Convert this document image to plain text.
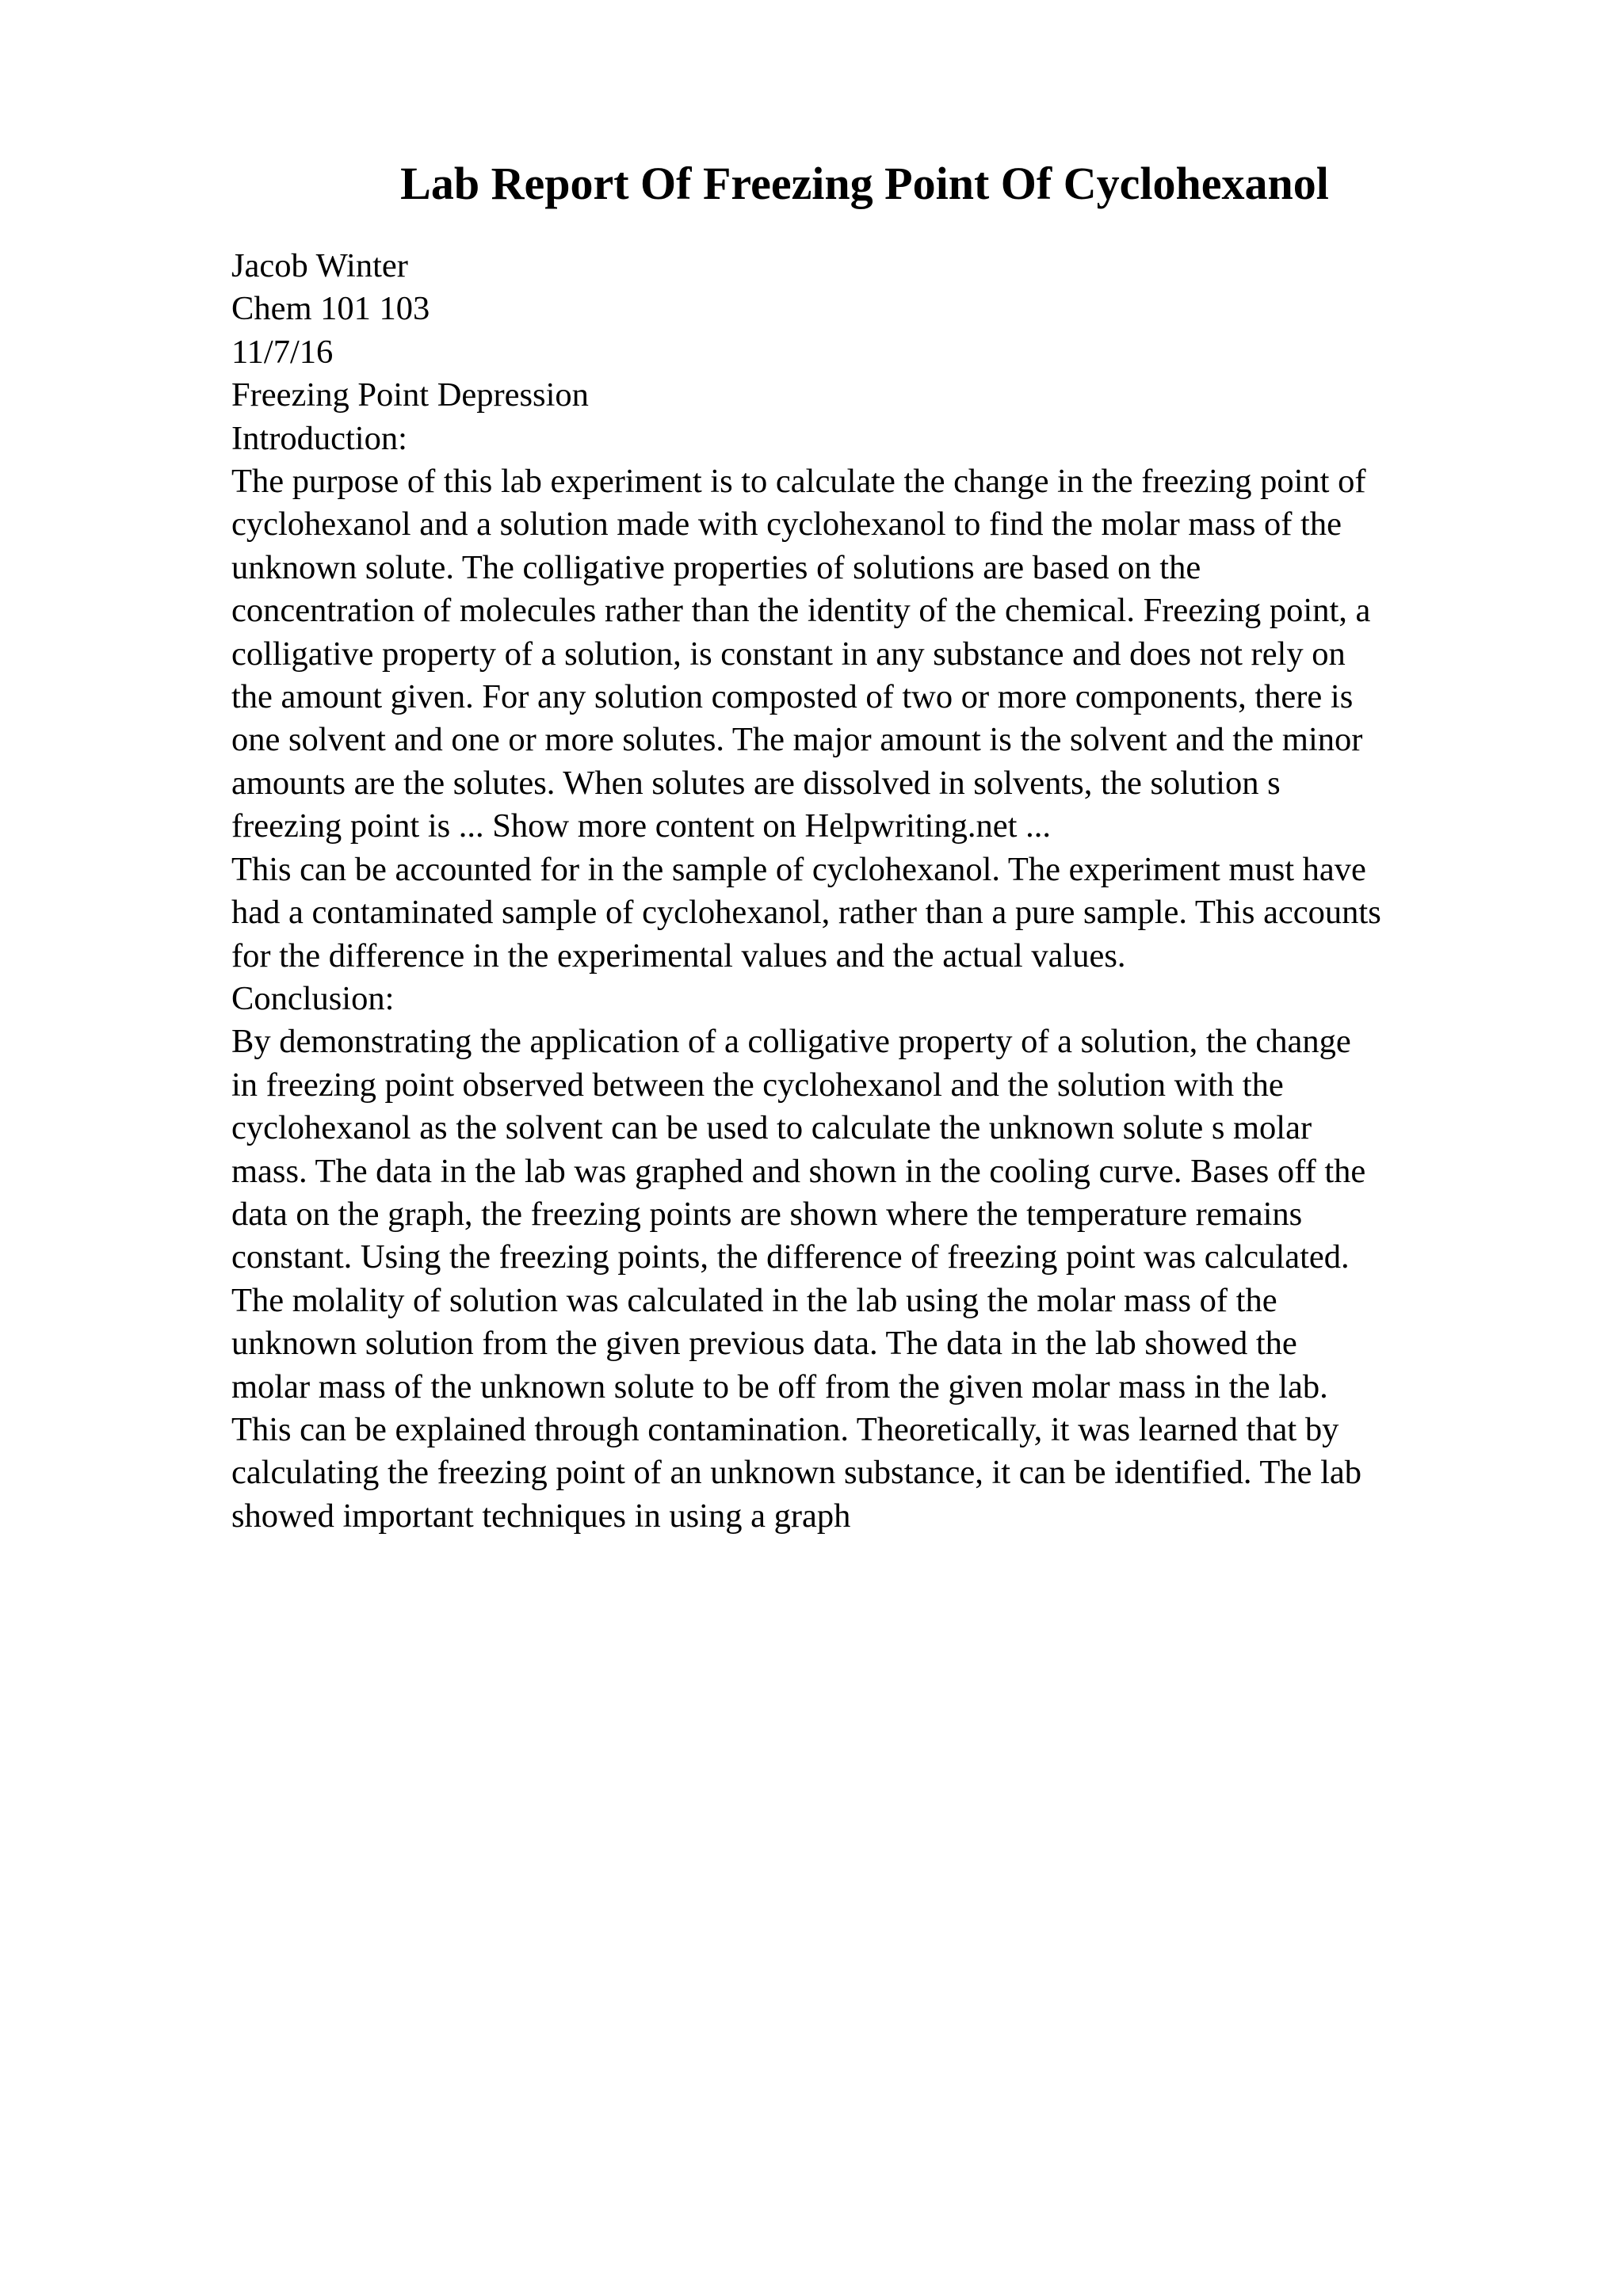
Lab Report Of Freezing Point Of Cyclohexanol
Jacob Winter
Chem 101 103
11/7/16
Freezing Point Depression
Introduction:
The purpose of this lab experiment is to calculate the change in the freezing point of
cyclohexanol and a solution made with cyclohexanol to find the molar mass of the
unknown solute. The colligative properties of solutions are based on the
concentration of molecules rather than the identity of the chemical. Freezing point, a
colligative property of a solution, is constant in any substance and does not rely on
the amount given. For any solution composted of two or more components, there is
one solvent and one or more solutes. The major amount is the solvent and the minor
amounts are the solutes. When solutes are dissolved in solvents, the solution s
freezing point is ... Show more content on Helpwriting.net ...
This can be accounted for in the sample of cyclohexanol. The experiment must have
had a contaminated sample of cyclohexanol, rather than a pure sample. This accounts
for the difference in the experimental values and the actual values.
Conclusion:
By demonstrating the application of a colligative property of a solution, the change
in freezing point observed between the cyclohexanol and the solution with the
cyclohexanol as the solvent can be used to calculate the unknown solute s molar
mass. The data in the lab was graphed and shown in the cooling curve. Bases off the
data on the graph, the freezing points are shown where the temperature remains
constant. Using the freezing points, the difference of freezing point was calculated.
The molality of solution was calculated in the lab using the molar mass of the
unknown solution from the given previous data. The data in the lab showed the
molar mass of the unknown solute to be off from the given molar mass in the lab.
This can be explained through contamination. Theoretically, it was learned that by
calculating the freezing point of an unknown substance, it can be identified. The lab
showed important techniques in using a graph
